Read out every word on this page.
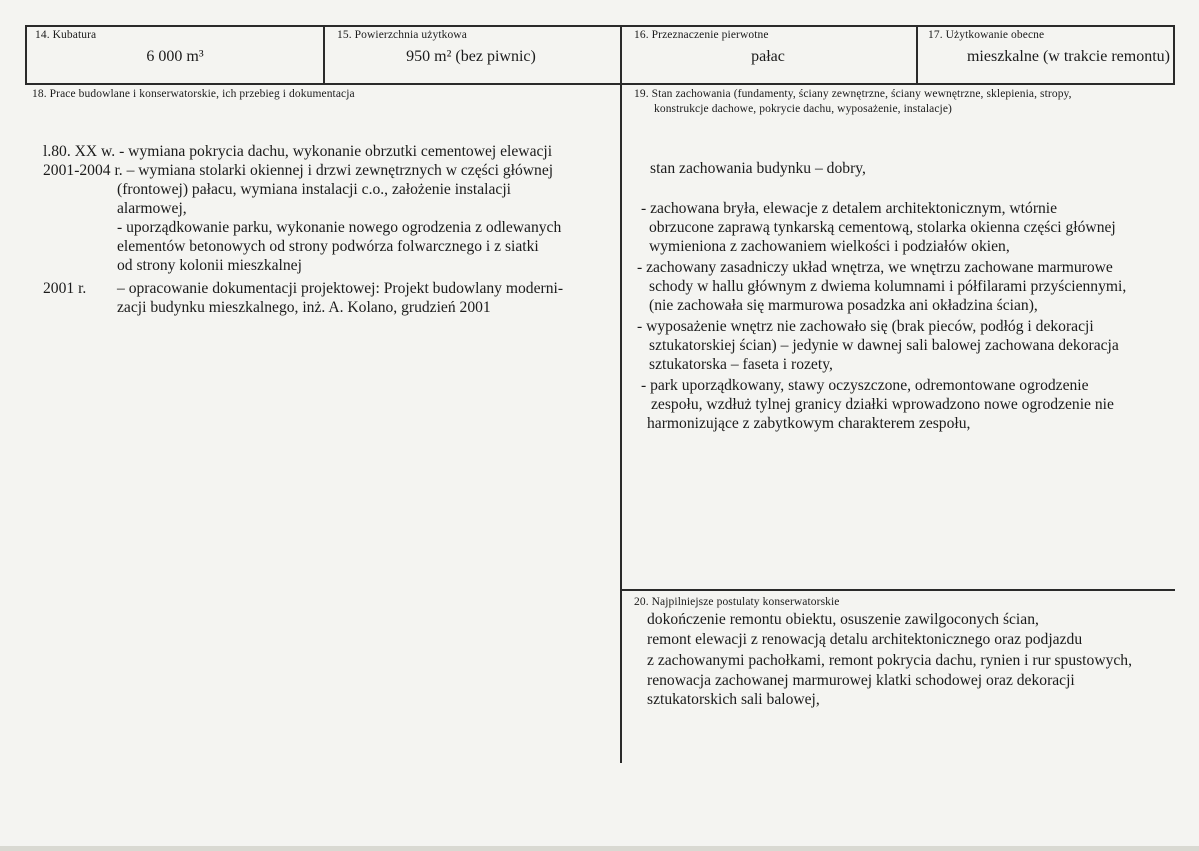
14. Kubatura
6 000 m³
15. Powierzchnia użytkowa
950 m² (bez piwnic)
16. Przeznaczenie pierwotne
pałac
17. Użytkowanie obecne
mieszkalne (w trakcie remontu)
18. Prace budowlane i konserwatorskie, ich przebieg i dokumentacja
l.80. XX w. - wymiana pokrycia dachu, wykonanie obrzutki cementowej elewacji
2001-2004 r. – wymiana stolarki okiennej i drzwi zewnętrznych w części głównej
(frontowej) pałacu, wymiana instalacji c.o., założenie instalacji
alarmowej,
- uporządkowanie parku, wykonanie nowego ogrodzenia z odlewanych
elementów betonowych od strony podwórza folwarcznego i z siatki
od strony kolonii mieszkalnej
2001 r. – opracowanie dokumentacji projektowej: Projekt budowlany moderni-
zacji budynku mieszkalnego, inż. A. Kolano, grudzień 2001
19. Stan zachowania (fundamenty, ściany zewnętrzne, ściany wewnętrzne, sklepienia, stropy,
konstrukcje dachowe, pokrycie dachu, wyposażenie, instalacje)
stan zachowania budynku – dobry,
- zachowana bryła, elewacje z detalem architektonicznym, wtórnie
obrzucone zaprawą tynkarską cementową, stolarka okienna części głównej
wymieniona z zachowaniem wielkości i podziałów okien,
- zachowany zasadniczy układ wnętrza, we wnętrzu zachowane marmurowe
schody w hallu głównym z dwiema kolumnami i półfilarami przyściennymi,
(nie zachowała się marmurowa posadzka ani okładzina ścian),
- wyposażenie wnętrz nie zachowało się (brak pieców, podłóg i dekoracji
sztukatorskiej ścian) – jedynie w dawnej sali balowej zachowana dekoracja
sztukatorska – faseta i rozety,
- park uporządkowany, stawy oczyszczone, odremontowane ogrodzenie
zespołu, wzdłuż tylnej granicy działki wprowadzono nowe ogrodzenie nie
harmonizujące z zabytkowym charakterem zespołu,
20. Najpilniejsze postulaty konserwatorskie
dokończenie remontu obiektu, osuszenie zawilgoconych ścian,
remont elewacji z renowacją detalu architektonicznego oraz podjazdu
z zachowanymi pachołkami, remont pokrycia dachu, rynien i rur spustowych,
renowacja zachowanej marmurowej klatki schodowej oraz dekoracji
sztukatorskich sali balowej,
